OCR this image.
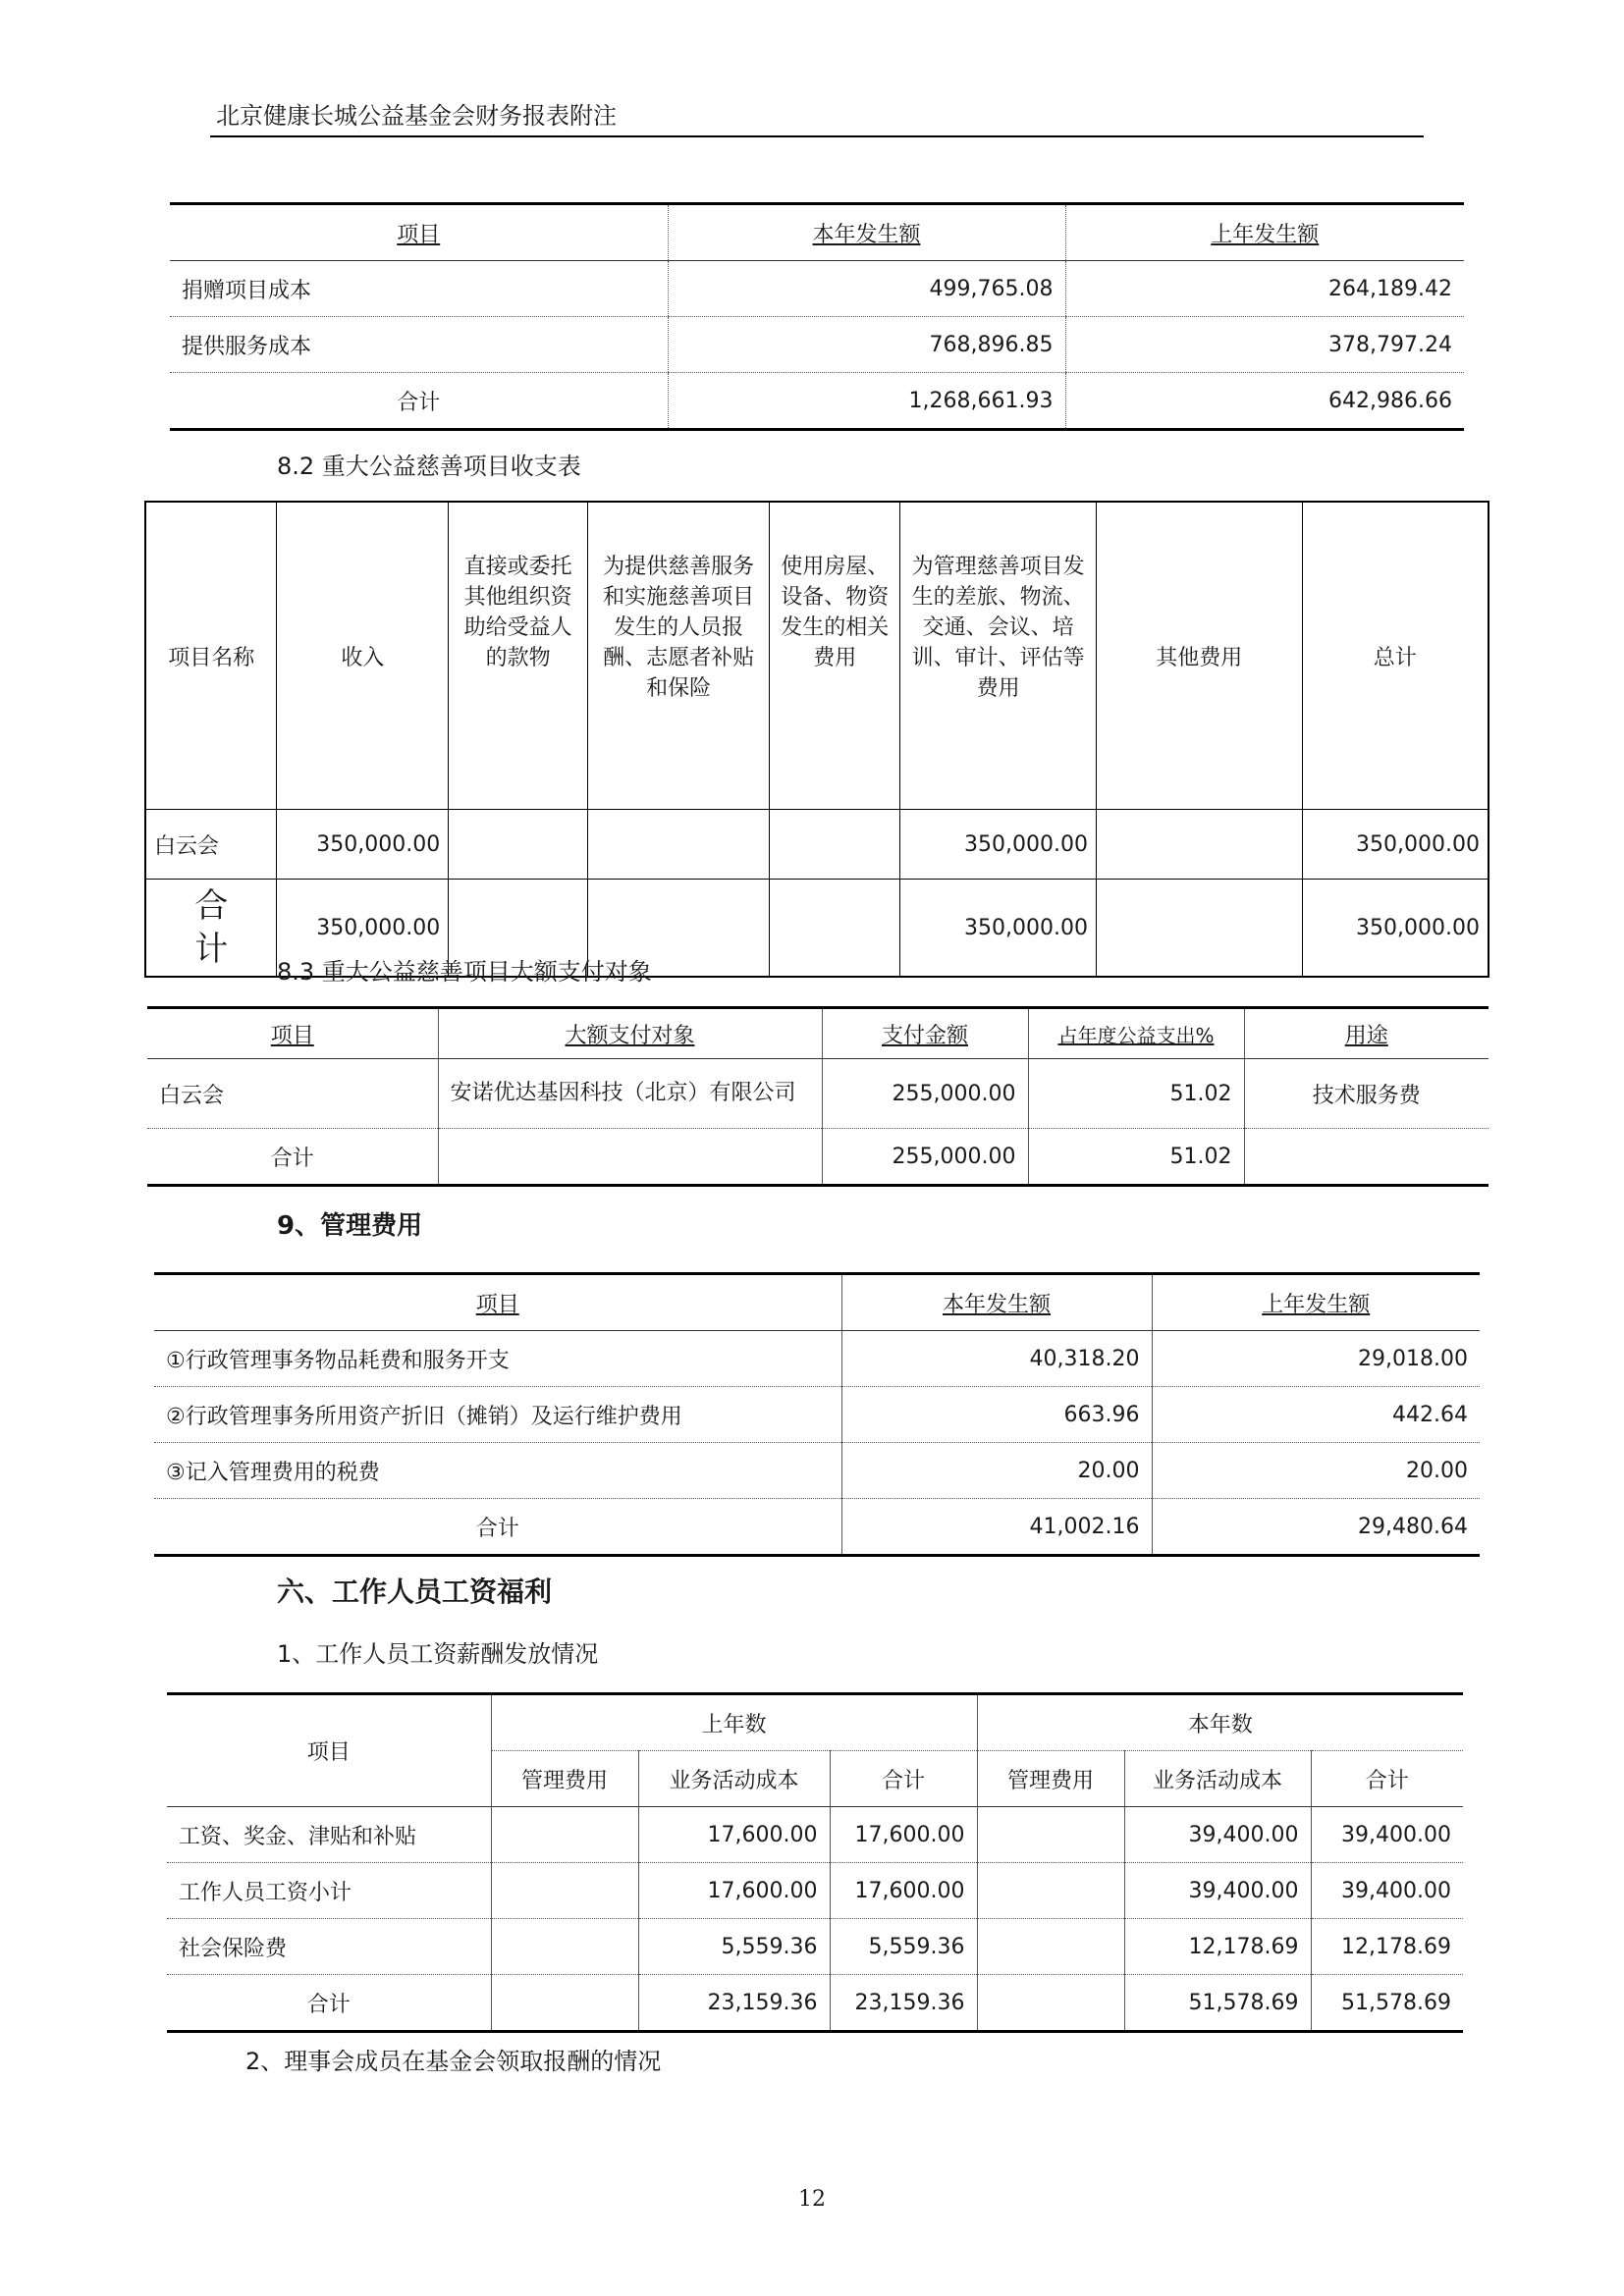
北京健康长城公益基金会财务报表附注
项目	本年发生额	上年发生额
捐赠项目成本	499,765.08	264,189.42
提供服务成本	768,896.85	378,797.24
合计	1,268,661.93	642,986.66
8.2 重大公益慈善项目收支表
项目名称	收入	直接或委托其他组织资助给受益人的款物	为提供慈善服务和实施慈善项目发生的人员报酬、志愿者补贴和保险	使用房屋、设备、物资发生的相关费用	为管理慈善项目发生的差旅、物流、交通、会议、培训、审计、评估等费用	其他费用	总计
白云会	350,000.00				350,000.00		350,000.00

合计	350,000.00				350,000.00		350,000.00
8.3 重大公益慈善项目大额支付对象
项目	大额支付对象	支付金额	占年度公益支出%	用途
白云会	安诺优达基因科技（北京）有限公司	255,000.00	51.02	技术服务费
合计		255,000.00	51.02	
9、管理费用
项目	本年发生额	上年发生额
①行政管理事务物品耗费和服务开支	40,318.20	29,018.00
②行政管理事务所用资产折旧（摊销）及运行维护费用	663.96	442.64
③记入管理费用的税费	20.00	20.00
合计	41,002.16	29,480.64
六、工作人员工资福利
1、工作人员工资薪酬发放情况
项目	上年数			本年数		
	管理费用	业务活动成本	合计	管理费用	业务活动成本	合计
工资、奖金、津贴和补贴		17,600.00	17,600.00		39,400.00	39,400.00
工作人员工资小计		17,600.00	17,600.00		39,400.00	39,400.00
社会保险费		5,559.36	5,559.36		12,178.69	12,178.69
合计		23,159.36	23,159.36		51,578.69	51,578.69
2、理事会成员在基金会领取报酬的情况
12
